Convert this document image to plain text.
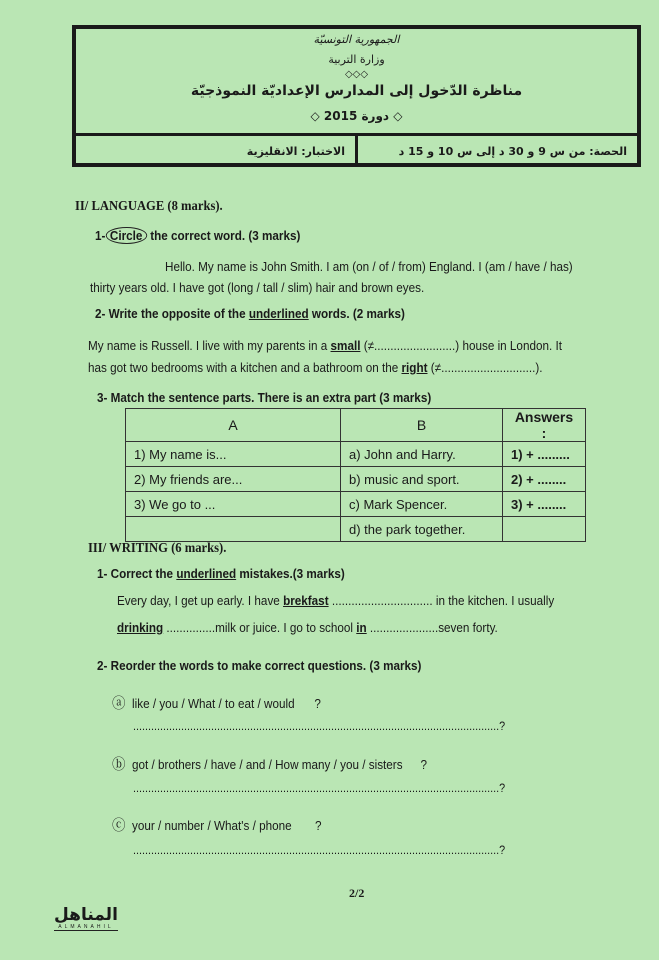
الجمهورية التونسيّة
وزارة التربية
◇◇◇
مناظرة الدّخول إلى المدارس الإعداديّة النموذجيّة
◇ دورة 2015 ◇
الاختبار: الانقليزية	الحصة: من س 9 و 30 د إلى س 10 و 15 د
II/ LANGUAGE (8 marks).
1- Circle the correct word. (3 marks)
Hello. My name is John Smith. I am (on / of / from) England. I (am / have / has)
thirty years old. I have got (long / tall / slim) hair and brown eyes.
2- Write the opposite of the underlined words. (2 marks)
My name is Russell. I live with my parents in a small (≠.........................) house in London. It
has got two bedrooms with a kitchen and a bathroom on the right (≠.............................).
3- Match the sentence parts. There is an extra part (3 marks)
A	B	Answers :
1) My name is...	a) John and Harry.	1) + .........
2) My friends are...	b) music and sport.	2) + ........
3) We go to ...	c) Mark Spencer.	3) + ........
	d) the park together.	
III/ WRITING (6 marks).
1- Correct the underlined mistakes.(3 marks)
Every day, I get up early. I have brekfast ............................... in the kitchen. I usually
drinking ...............milk or juice. I go to school in .....................seven forty.
2- Reorder the words to make correct questions. (3 marks)
ⓐ like / you / What / to eat / would ?
..........................................................................................................................?
ⓑ got / brothers / have / and / How many / you / sisters ?
..........................................................................................................................?
ⓒ your / number / What's / phone ?
..........................................................................................................................?
2/2
المناهل
ALMANAHIL
